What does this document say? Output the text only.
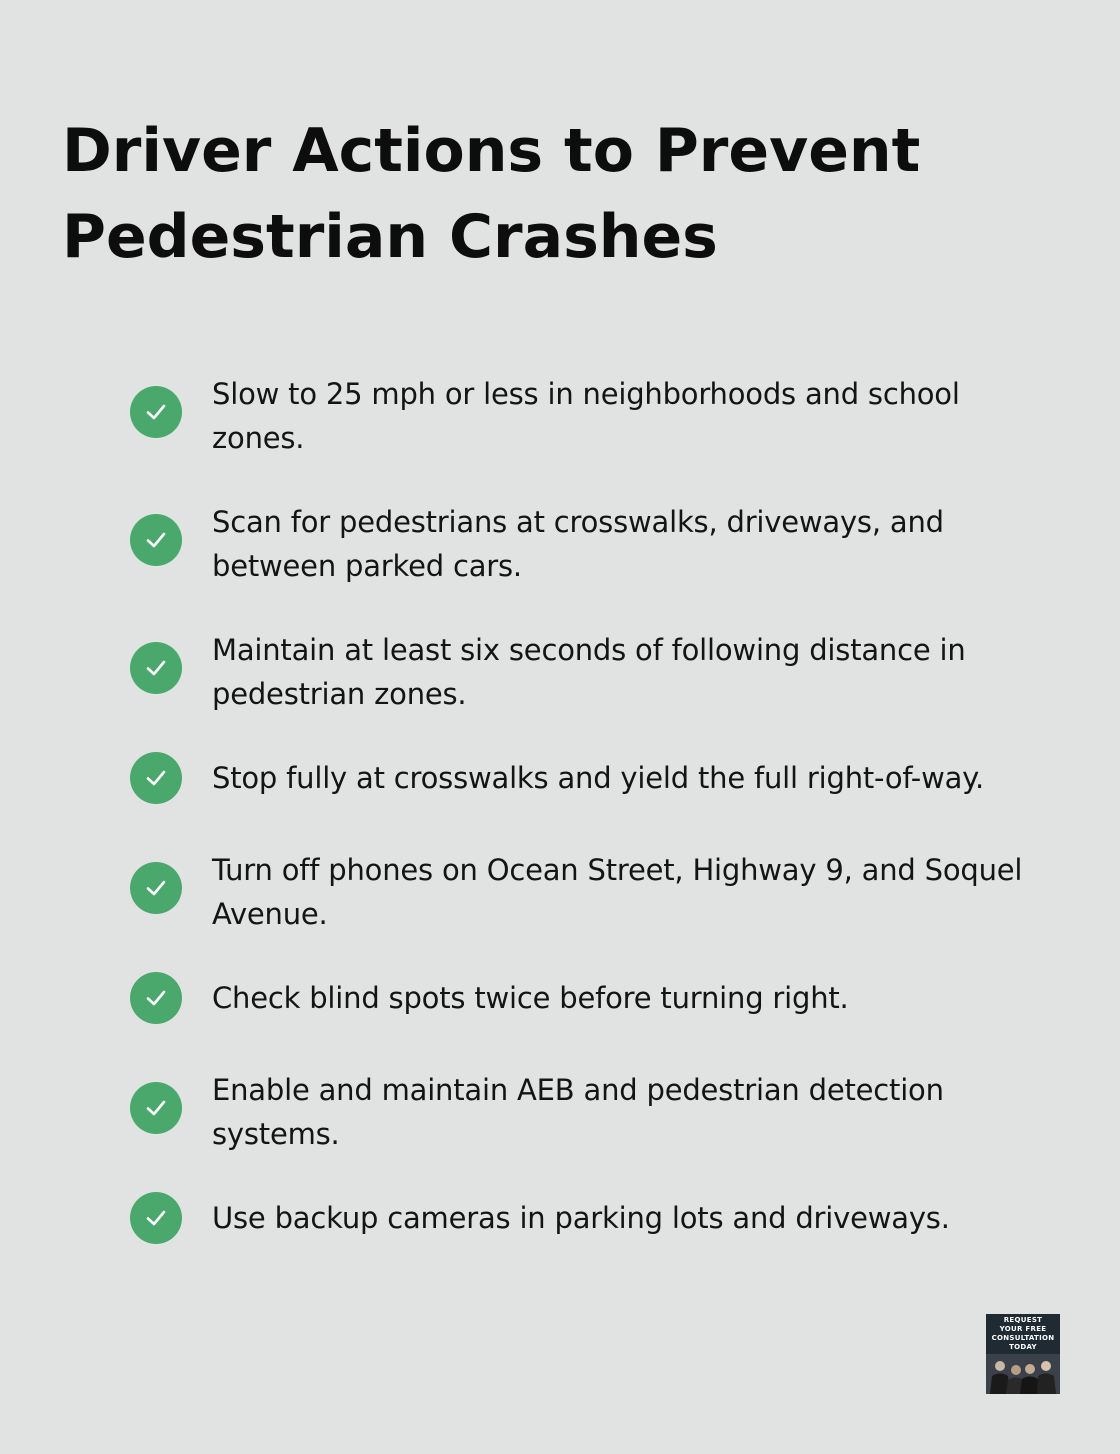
Driver Actions to Prevent Pedestrian Crashes
Slow to 25 mph or less in neighborhoods and school zones.
Scan for pedestrians at crosswalks, driveways, and between parked cars.
Maintain at least six seconds of following distance in pedestrian zones.
Stop fully at crosswalks and yield the full right-of-way.
Turn off phones on Ocean Street, Highway 9, and Soquel Avenue.
Check blind spots twice before turning right.
Enable and maintain AEB and pedestrian detection systems.
Use backup cameras in parking lots and driveways.
REQUEST
YOUR FREE
CONSULTATION
TODAY
